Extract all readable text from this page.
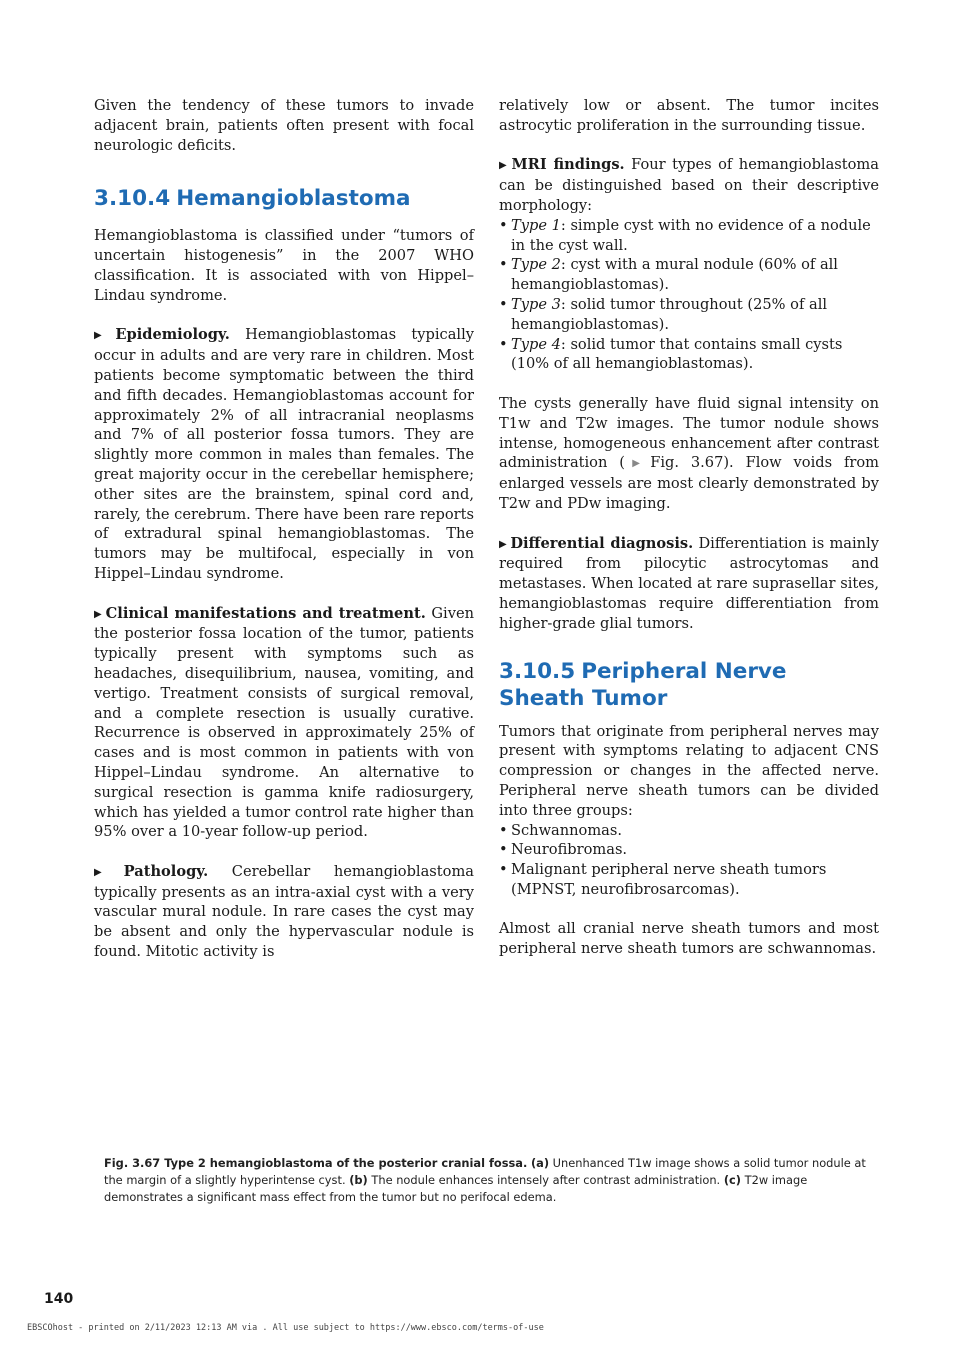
Given the tendency of these tumors to invade adjacent brain, patients often present with focal neurologic deficits.

3.10.4 Hemangioblastoma

Hemangioblastoma is classified under “tumors of uncertain histogenesis” in the 2007 WHO classification. It is associated with von Hippel–Lindau syndrome.

▶ Epidemiology. Hemangioblastomas typically occur in adults and are very rare in children. Most patients become symptomatic between the third and fifth decades. Hemangioblastomas account for approximately 2% of all intracranial neoplasms and 7% of all posterior fossa tumors. They are slightly more common in males than females. The great majority occur in the cerebellar hemisphere; other sites are the brainstem, spinal cord and, rarely, the cerebrum. There have been rare reports of extradural spinal hemangioblastomas. The tumors may be multifocal, especially in von Hippel–Lindau syndrome.

▶ Clinical manifestations and treatment. Given the posterior fossa location of the tumor, patients typically present with symptoms such as headaches, disequilibrium, nausea, vomiting, and vertigo. Treatment consists of surgical removal, and a complete resection is usually curative. Recurrence is observed in approximately 25% of cases and is most common in patients with von Hippel–Lindau syndrome. An alternative to surgical resection is gamma knife radiosurgery, which has yielded a tumor control rate higher than 95% over a 10-year follow-up period.

▶ Pathology. Cerebellar hemangioblastoma typically presents as an intra-axial cyst with a very vascular mural nodule. In rare cases the cyst may be absent and only the hypervascular nodule is found. Mitotic activity is

relatively low or absent. The tumor incites astrocytic proliferation in the surrounding tissue.

▶ MRI findings. Four types of hemangioblastoma can be distinguished based on their descriptive morphology:

• Type 1: simple cyst with no evidence of a nodule in the cyst wall.
• Type 2: cyst with a mural nodule (60% of all hemangioblastomas).
• Type 3: solid tumor throughout (25% of all hemangioblastomas).
• Type 4: solid tumor that contains small cysts (10% of all hemangioblastomas).

The cysts generally have fluid signal intensity on T1w and T2w images. The tumor nodule shows intense, homogeneous enhancement after contrast administration (▶ Fig. 3.67). Flow voids from enlarged vessels are most clearly demonstrated by T2w and PDw imaging.

▶ Differential diagnosis. Differentiation is mainly required from pilocytic astrocytomas and metastases. When located at rare suprasellar sites, hemangioblastomas require differentiation from higher-grade glial tumors.

3.10.5 Peripheral Nerve Sheath Tumor

Tumors that originate from peripheral nerves may present with symptoms relating to adjacent CNS compression or changes in the affected nerve. Peripheral nerve sheath tumors can be divided into three groups:

• Schwannomas.
• Neurofibromas.
• Malignant peripheral nerve sheath tumors (MPNST, neurofibrosarcomas).

Almost all cranial nerve sheath tumors and most peripheral nerve sheath tumors are schwannomas.

Fig. 3.67 Type 2 hemangioblastoma of the posterior cranial fossa. (a) Unenhanced T1w image shows a solid tumor nodule at the margin of a slightly hyperintense cyst. (b) The nodule enhances intensely after contrast administration. (c) T2w image demonstrates a significant mass effect from the tumor but no perifocal edema.
140
EBSCOhost - printed on 2/11/2023 12:13 AM via . All use subject to https://www.ebsco.com/terms-of-use
